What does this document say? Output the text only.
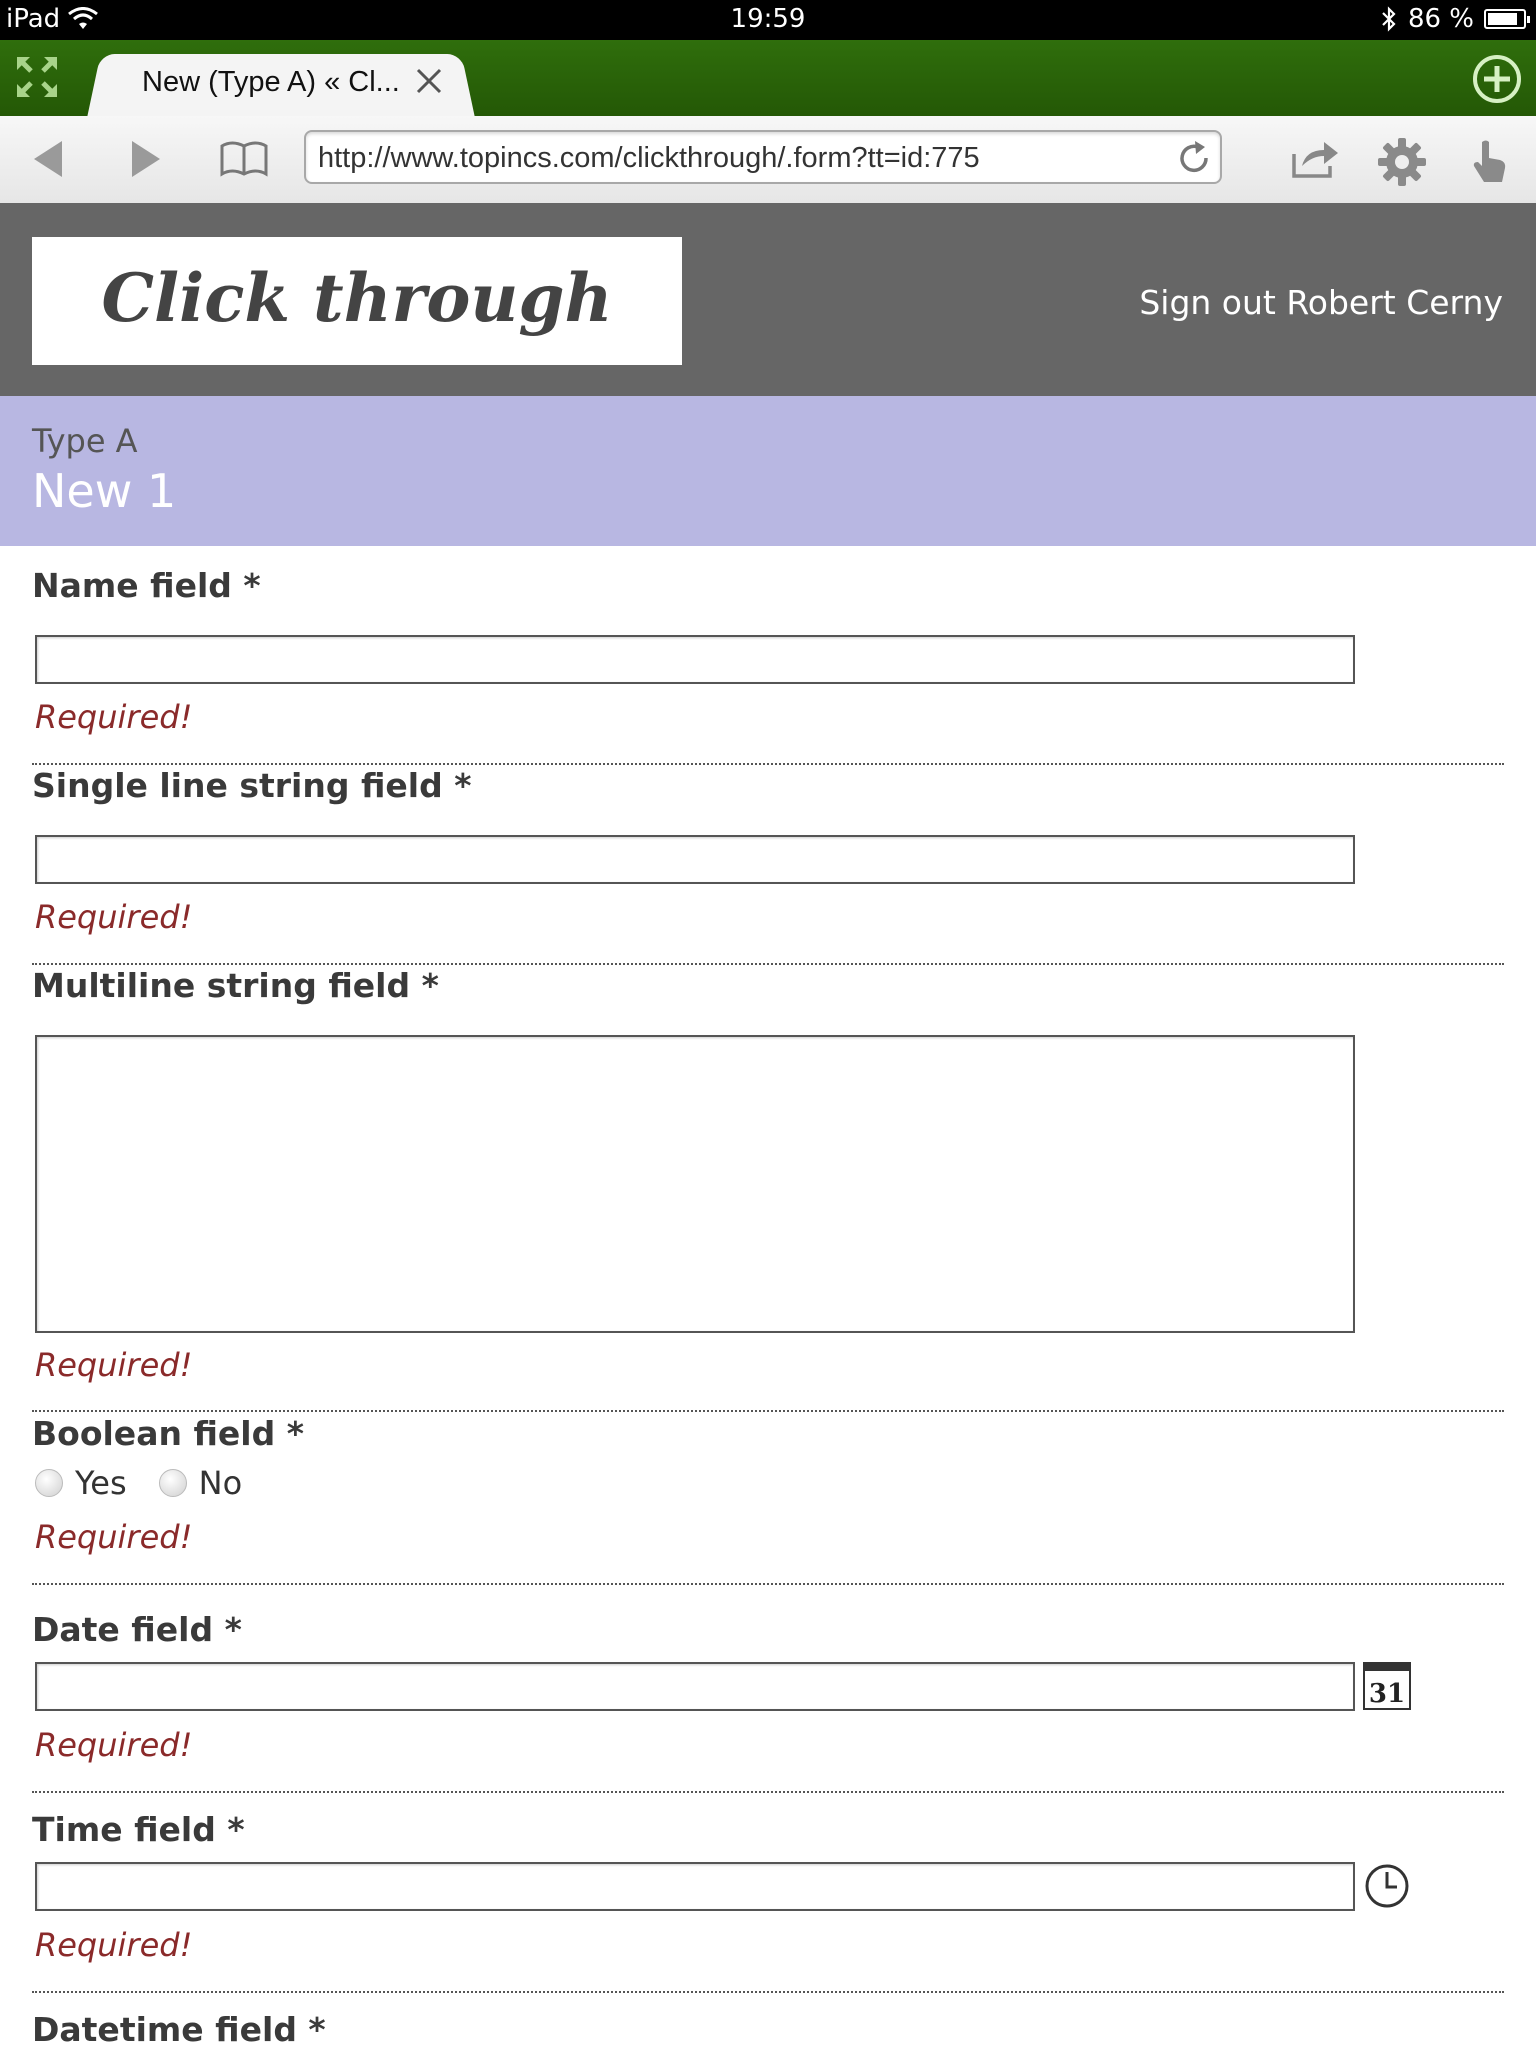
iPad	19:59	86 %
New (Type A) « Cl...
http://www.topincs.com/clickthrough/.form?tt=id:775
Click through	Sign out Robert Cerny
Type A
New 1
Name field *
Required!
Single line string field *
Required!
Multiline string field *
Required!
Boolean field *
Yes No
Required!
Date field *
31
Required!
Time field *
Required!
Datetime field *
